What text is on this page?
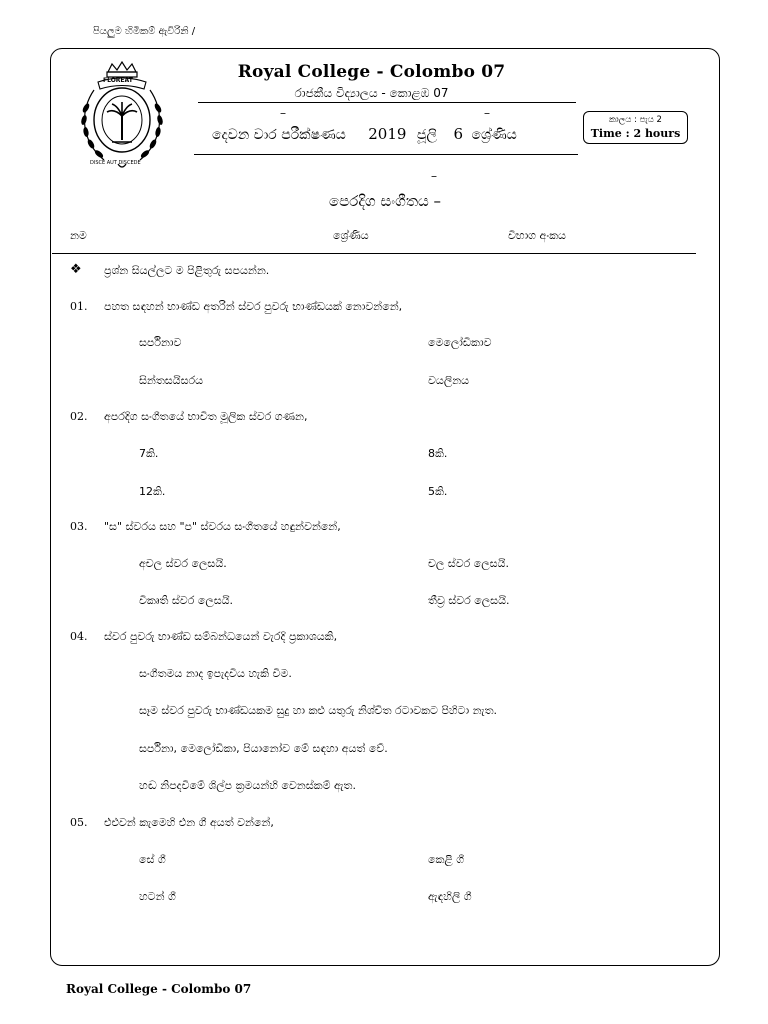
පියලුම හිමිකම් ඇවිරිනි /
FLOREAT
DISCE AUT DISCEDE
Royal College - Colombo 07
රාජකීය විද්‍යාලය - කොළඹ 07
–	–
දෙවන වාර පරීක්ෂණය 2019 ජූලි 6 ශ්‍රේණිය
කාලය : පැය 2
Time : 2 hours
–
පෙරදිග සංගීතය –
නම	ශ්‍රේණිය	විභාග අංකය
❖ ප්‍රශ්න සියල්ලට ම පිළිතුරු සපයන්න.
01. පහත සඳහන් භාණ්ඩ අතරින් ස්වර පුවරු භාණ්ඩයක් නොවන්නේ,
සර්පිනාව	මෙලෝඩිකාව
සින්තසයිසරය	වයලිනය
02. අපරදිග සංගීතයේ භාවිත මූලික ස්වර ගණන,
7කි.	8කි.
12කි.	5කි.
03. "ස" ස්වරය සහ "ප" ස්වරය සංගීතයේ හඳුන්වන්නේ,
අචල ස්වර ලෙසයි.	චල ස්වර ලෙසයි.
විකෘති ස්වර ලෙසයි.	තීව්‍ර ස්වර ලෙසයි.
04. ස්වර පුවරු භාණ්ඩ සම්බන්ධයෙන් වැරදි ප්‍රකාශයකි,
සංගීතමය නාද ඉපැදවිය හැකි වීම.
සෑම ස්වර පුවරු භාණ්ඩයකම සුදු හා කළු යතුරු නිශ්චිත රටාවකට පිහිටා නැත.
සර්පිනා, මෙලෝඩිකා, පියානෝව මේ සඳහා අයත් වේ.
හඬ නිපදවීමේ ශිල්ප ක්‍රමයන්හි වෙනස්කම් ඇත.
05. එළුවන් කැමෙහි එන ගී අයත් වන්නේ,
සේ ගී	කෙළි ගී
හටන් ගී	ඇඳහිලි ගී
Royal College - Colombo 07
